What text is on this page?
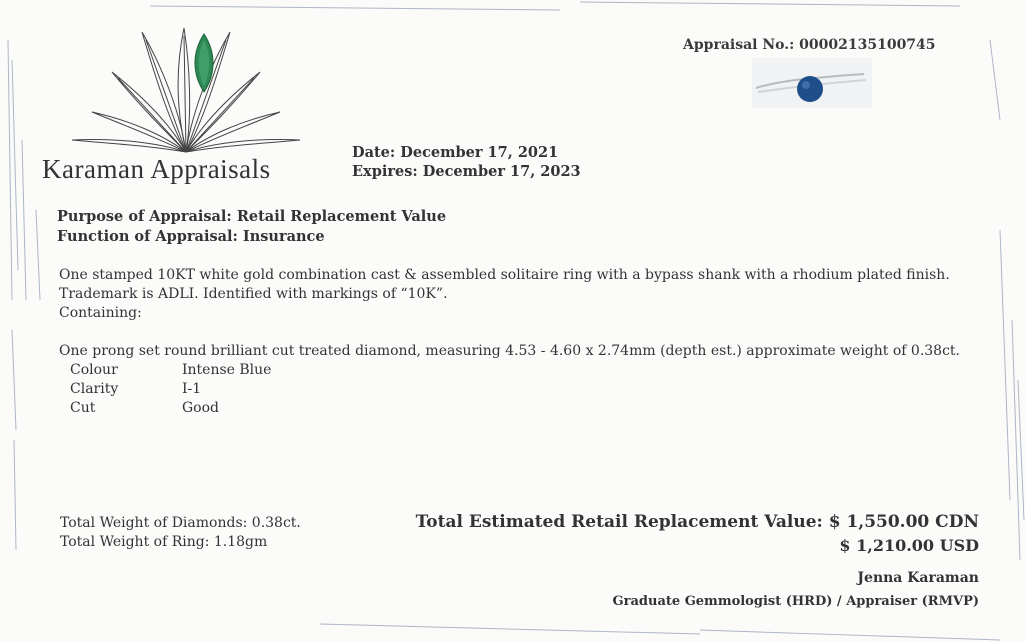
Karaman Appraisals
Appraisal No.: 00002135100745
Date: December 17, 2021
Expires: December 17, 2023
Purpose of Appraisal: Retail Replacement Value
Function of Appraisal: Insurance
One stamped 10KT white gold combination cast & assembled solitaire ring with a bypass shank with a rhodium plated finish.
Trademark is ADLI. Identified with markings of “10K”.
Containing:
One prong set round brilliant cut treated diamond, measuring 4.53 - 4.60 x 2.74mm (depth est.) approximate weight of 0.38ct.
Colour	Intense Blue
Clarity	I-1
Cut	Good
Total Weight of Diamonds: 0.38ct.
Total Weight of Ring: 1.18gm
Total Estimated Retail Replacement Value: $ 1,550.00 CDN
$ 1,210.00 USD
Jenna Karaman
Graduate Gemmologist (HRD) / Appraiser (RMVP)
